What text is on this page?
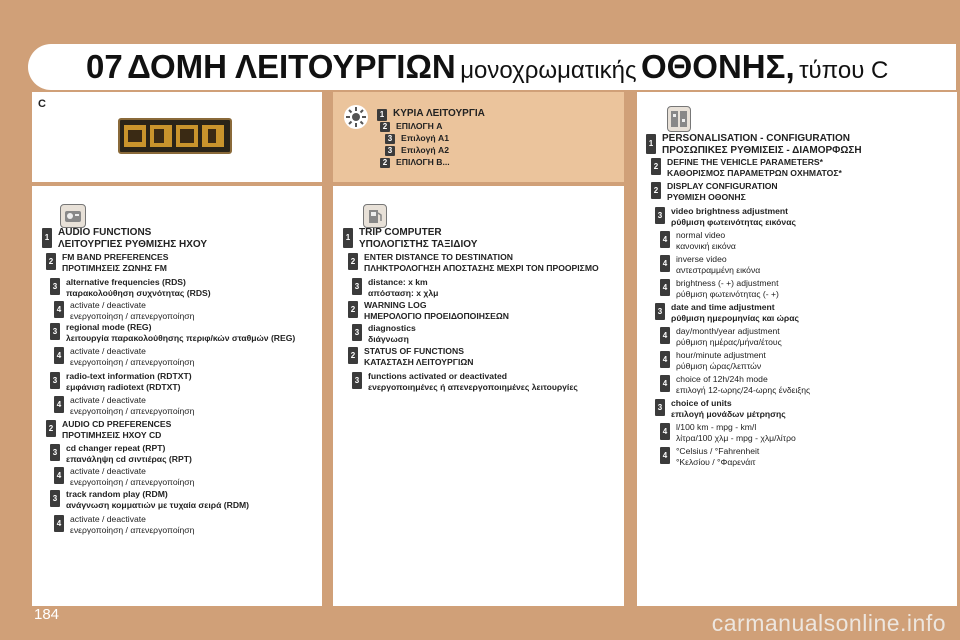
07 ΔΟΜΗ ΛΕΙΤΟΥΡΓΙΩΝ μονοχρωματικής ΟΘΟΝΗΣ, τύπου C
C
1 ΚΥΡΙΑ ΛΕΙΤΟΥΡΓΙΑ
2	ΕΠΙΛΟΓΗ A
3	Επιλογή A1
3	Επιλογή A2
2	ΕΠΙΛΟΓΗ B...
1 AUDIO FUNCTIONS
ΛΕΙΤΟΥΡΓΙΕΣ ΡΥΘΜΙΣΗΣ ΗΧΟΥ
2	FM BAND PREFERENCES
ΠΡΟΤΙΜΗΣΕΙΣ ΖΩΝΗΣ FM
3	alternative frequencies (RDS)
παρακολούθηση συχνότητας (RDS)
4	activate / deactivate
ενεργοποίηση / απενεργοποίηση
3	regional mode (REG)
λειτουργία παρακολούθησης περιφ/κών σταθμών (REG)
4	activate / deactivate
ενεργοποίηση / απενεργοποίηση
3	radio-text information (RDTXT)
εμφάνιση radiotext (RDTXT)
4	activate / deactivate
ενεργοποίηση / απενεργοποίηση
2	AUDIO CD PREFERENCES
ΠΡΟΤΙΜΗΣΕΙΣ ΗΧΟΥ CD
3	cd changer repeat (RPT)
επανάληψη cd σιντιέρας (RPT)
4	activate / deactivate
ενεργοποίηση / απενεργοποίηση
3	track random play (RDM)
ανάγνωση κομματιών με τυχαία σειρά (RDM)
4	activate / deactivate
ενεργοποίηση / απενεργοποίηση
1 TRIP COMPUTER
ΥΠΟΛΟΓΙΣΤΗΣ ΤΑΞΙΔΙΟΥ
2	ENTER DISTANCE TO DESTINATION
ΠΛΗΚΤΡΟΛΟΓΗΣΗ ΑΠΟΣΤΑΣΗΣ ΜΕΧΡΙ ΤΟΝ ΠΡΟΟΡΙΣΜΟ
3	distance: x km
απόσταση: x χλμ
2	WARNING LOG
ΗΜΕΡΟΛΟΓΙΟ ΠΡΟΕΙΔΟΠΟΙΗΣΕΩΝ
3	diagnostics
διάγνωση
2	STATUS OF FUNCTIONS
ΚΑΤΑΣΤΑΣΗ ΛΕΙΤΟΥΡΓΙΩΝ
3	functions activated or deactivated
ενεργοποιημένες ή απενεργοποιημένες λειτουργίες
1 PERSONALISATION - CONFIGURATION
ΠΡΟΣΩΠΙΚΕΣ ΡΥΘΜΙΣΕΙΣ - ΔΙΑΜΟΡΦΩΣΗ
2	DEFINE THE VEHICLE PARAMETERS*
ΚΑΘΟΡΙΣΜΟΣ ΠΑΡΑΜΕΤΡΩΝ ΟΧΗΜΑΤΟΣ*
2	DISPLAY CONFIGURATION
ΡΥΘΜΙΣΗ ΟΘΟΝΗΣ
3	video brightness adjustment
ρύθμιση φωτεινότητας εικόνας
4	normal video
κανονική εικόνα
4	inverse video
αντεστραμμένη εικόνα
4	brightness (- +) adjustment
ρύθμιση φωτεινότητας (- +)
3	date and time adjustment
ρύθμιση ημερομηνίας και ώρας
4	day/month/year adjustment
ρύθμιση ημέρας/μήνα/έτους
4	hour/minute adjustment
ρύθμιση ώρας/λεπτών
4	choice of 12h/24h mode
επιλογή 12-ωρης/24-ωρης ένδειξης
3	choice of units
επιλογή μονάδων μέτρησης
4	l/100 km - mpg - km/l
λίτρα/100 χλμ - mpg - χλμ/λίτρο
4	°Celsius / °Fahrenheit
°Κελσίου / °Φαρενάιτ
184	carmanualsonline.info
